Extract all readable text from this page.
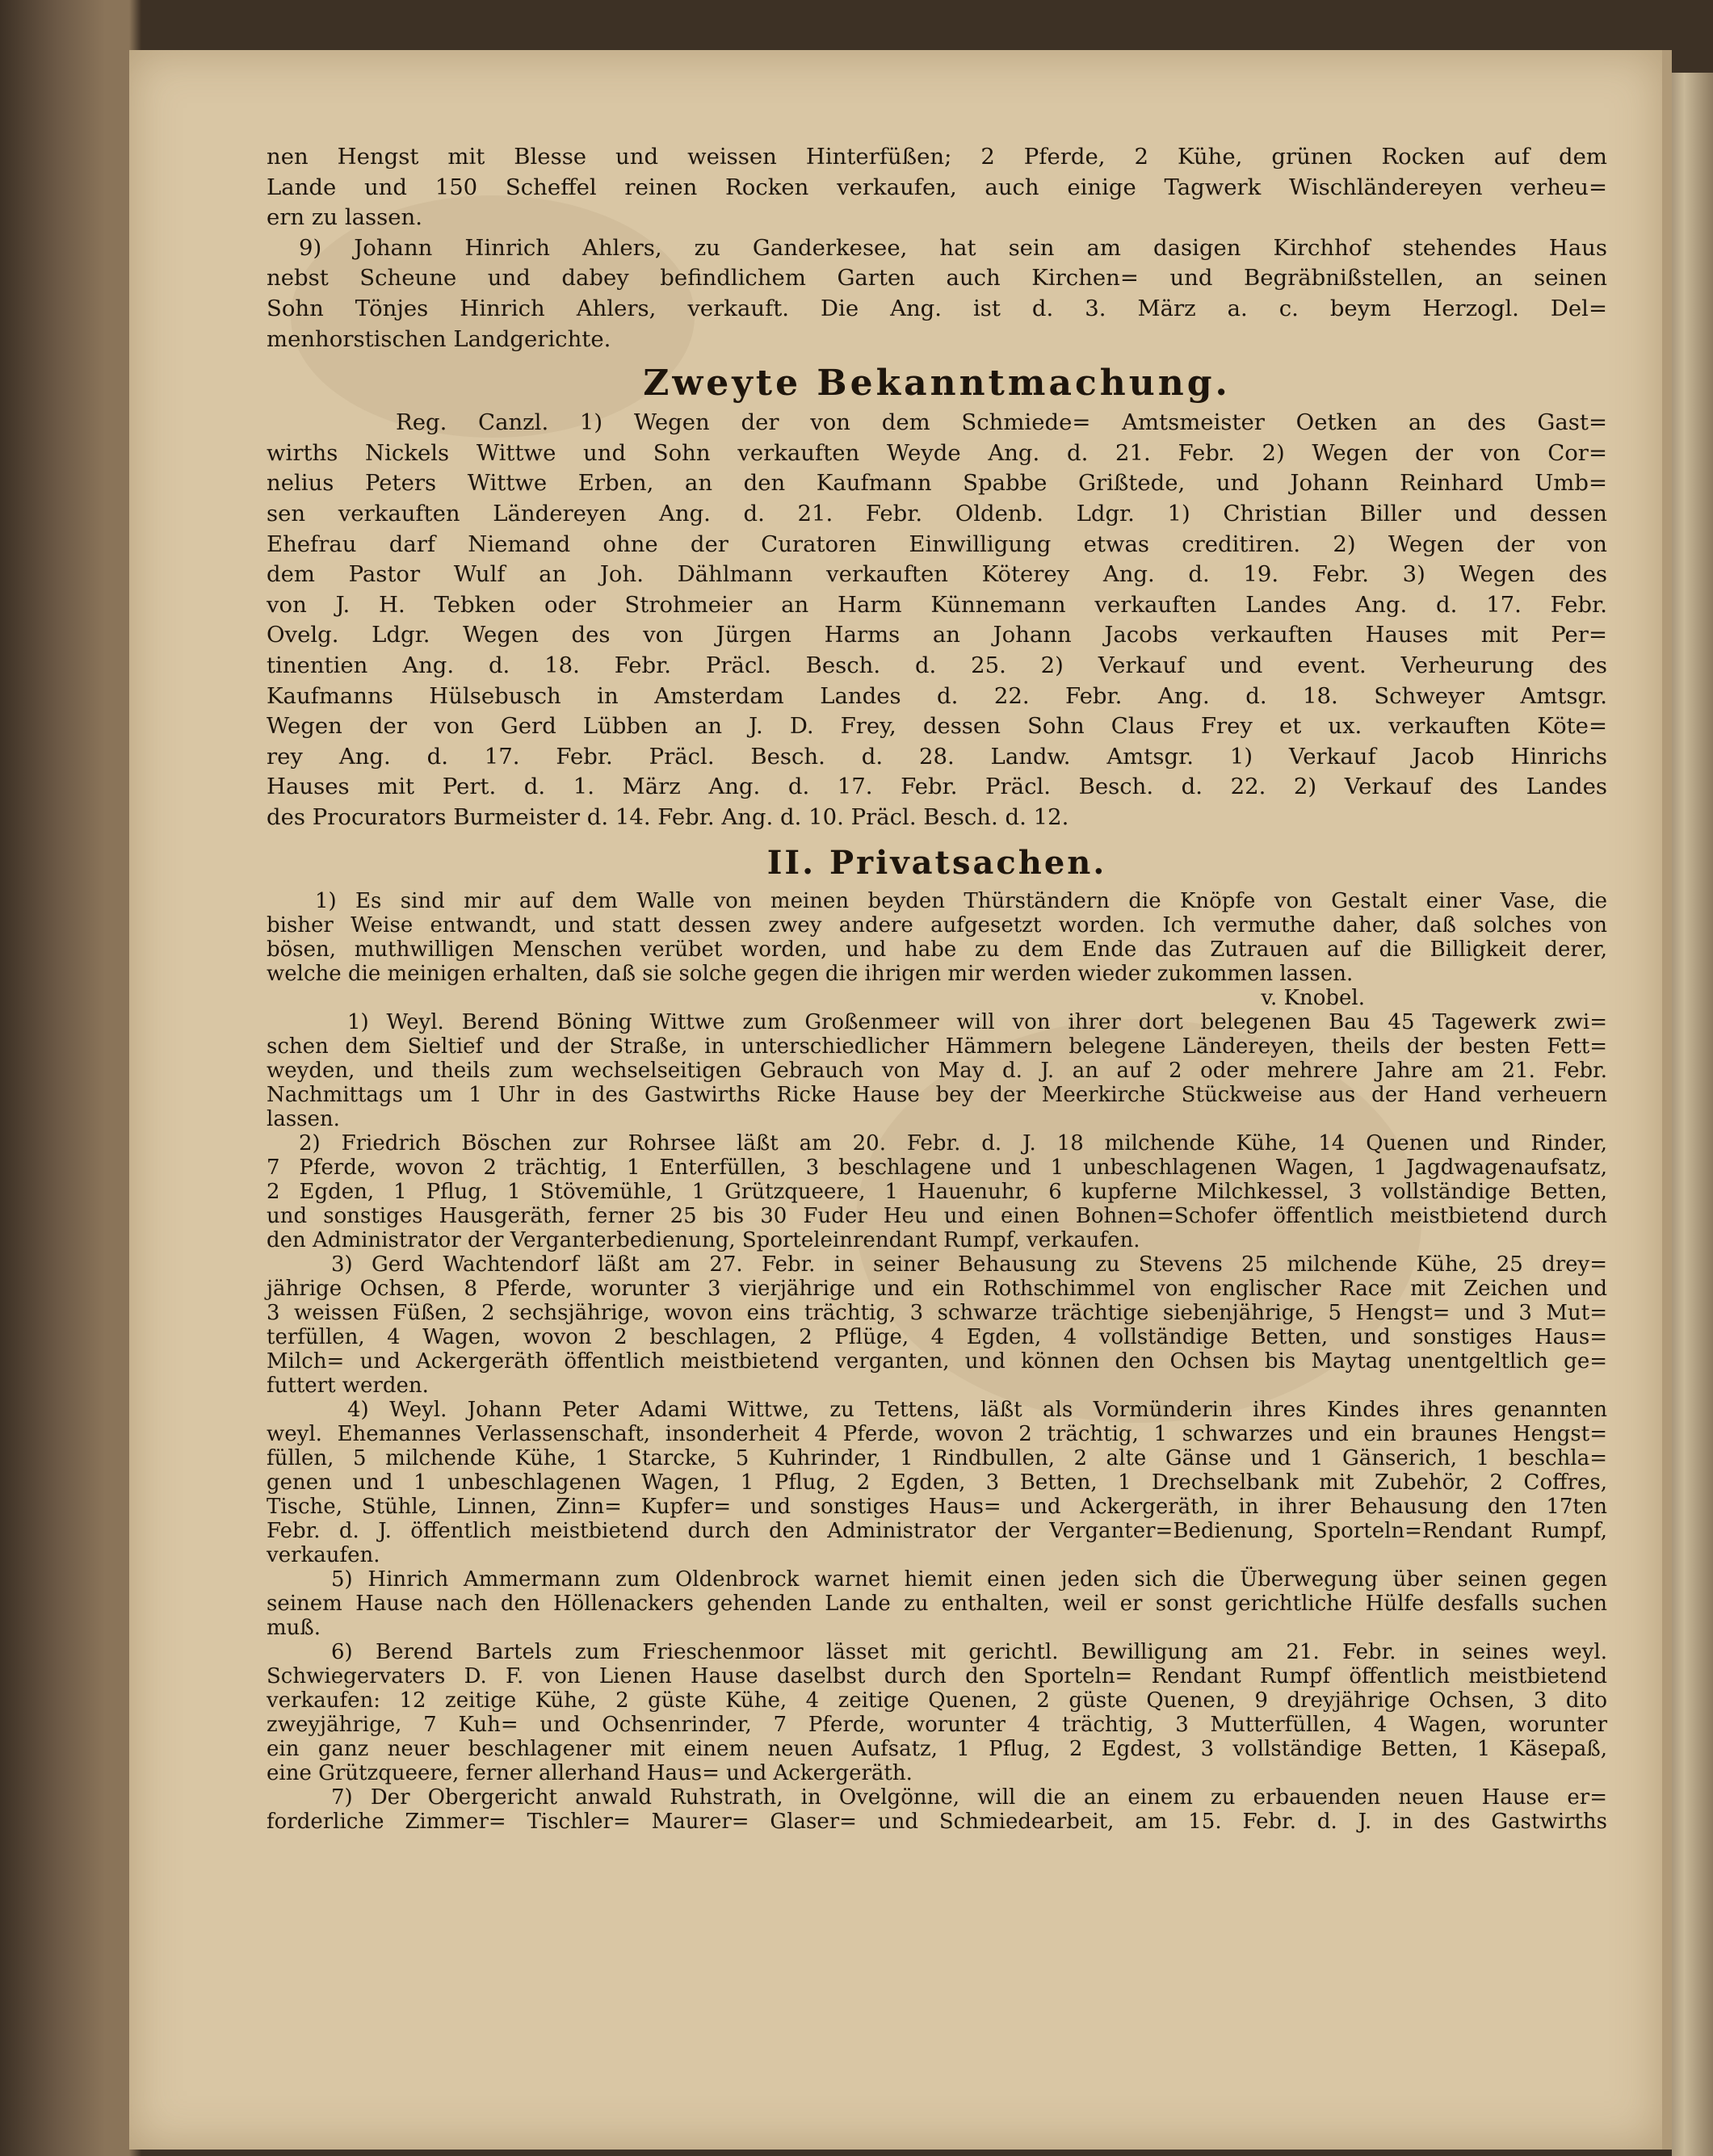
nen Hengst mit Blesse und weissen Hinterfüßen; 2 Pferde, 2 Kühe, grünen Rocken auf dem
Lande und 150 Scheffel reinen Rocken verkaufen, auch einige Tagwerk Wischländereyen verheu=
ern zu lassen.
9) Johann Hinrich Ahlers, zu Ganderkesee, hat sein am dasigen Kirchhof stehendes Haus
nebst Scheune und dabey befindlichem Garten auch Kirchen= und Begräbnißstellen, an seinen
Sohn Tönjes Hinrich Ahlers, verkauft. Die Ang. ist d. 3. März a. c. beym Herzogl. Del=
menhorstischen Landgerichte.
Zweyte Bekanntmachung.
Reg. Canzl. 1) Wegen der von dem Schmiede= Amtsmeister Oetken an des Gast=
wirths Nickels Wittwe und Sohn verkauften Weyde Ang. d. 21. Febr. 2) Wegen der von Cor=
nelius Peters Wittwe Erben, an den Kaufmann Spabbe Grißtede, und Johann Reinhard Umb=
sen verkauften Ländereyen Ang. d. 21. Febr. Oldenb. Ldgr. 1) Christian Biller und dessen
Ehefrau darf Niemand ohne der Curatoren Einwilligung etwas creditiren. 2) Wegen der von
dem Pastor Wulf an Joh. Dählmann verkauften Köterey Ang. d. 19. Febr. 3) Wegen des
von J. H. Tebken oder Strohmeier an Harm Künnemann verkauften Landes Ang. d. 17. Febr.
Ovelg. Ldgr. Wegen des von Jürgen Harms an Johann Jacobs verkauften Hauses mit Per=
tinentien Ang. d. 18. Febr. Präcl. Besch. d. 25. 2) Verkauf und event. Verheurung des
Kaufmanns Hülsebusch in Amsterdam Landes d. 22. Febr. Ang. d. 18. Schweyer Amtsgr.
Wegen der von Gerd Lübben an J. D. Frey, dessen Sohn Claus Frey et ux. verkauften Köte=
rey Ang. d. 17. Febr. Präcl. Besch. d. 28. Landw. Amtsgr. 1) Verkauf Jacob Hinrichs
Hauses mit Pert. d. 1. März Ang. d. 17. Febr. Präcl. Besch. d. 22. 2) Verkauf des Landes
des Procurators Burmeister d. 14. Febr. Ang. d. 10. Präcl. Besch. d. 12.
II. Privatsachen.
1) Es sind mir auf dem Walle von meinen beyden Thürständern die Knöpfe von Gestalt einer Vase, die
bisher Weise entwandt, und statt dessen zwey andere aufgesetzt worden. Ich vermuthe daher, daß solches von
bösen, muthwilligen Menschen verübet worden, und habe zu dem Ende das Zutrauen auf die Billigkeit derer,
welche die meinigen erhalten, daß sie solche gegen die ihrigen mir werden wieder zukommen lassen.
v. Knobel.
1) Weyl. Berend Böning Wittwe zum Großenmeer will von ihrer dort belegenen Bau 45 Tagewerk zwi=
schen dem Sieltief und der Straße, in unterschiedlicher Hämmern belegene Ländereyen, theils der besten Fett=
weyden, und theils zum wechselseitigen Gebrauch von May d. J. an auf 2 oder mehrere Jahre am 21. Febr.
Nachmittags um 1 Uhr in des Gastwirths Ricke Hause bey der Meerkirche Stückweise aus der Hand verheuern
lassen.
2) Friedrich Böschen zur Rohrsee läßt am 20. Febr. d. J. 18 milchende Kühe, 14 Quenen und Rinder,
7 Pferde, wovon 2 trächtig, 1 Enterfüllen, 3 beschlagene und 1 unbeschlagenen Wagen, 1 Jagdwagenaufsatz,
2 Egden, 1 Pflug, 1 Stövemühle, 1 Grützqueere, 1 Hauenuhr, 6 kupferne Milchkessel, 3 vollständige Betten,
und sonstiges Hausgeräth, ferner 25 bis 30 Fuder Heu und einen Bohnen=Schofer öffentlich meistbietend durch
den Administrator der Verganterbedienung, Sporteleinrendant Rumpf, verkaufen.
3) Gerd Wachtendorf läßt am 27. Febr. in seiner Behausung zu Stevens 25 milchende Kühe, 25 drey=
jährige Ochsen, 8 Pferde, worunter 3 vierjährige und ein Rothschimmel von englischer Race mit Zeichen und
3 weissen Füßen, 2 sechsjährige, wovon eins trächtig, 3 schwarze trächtige siebenjährige, 5 Hengst= und 3 Mut=
terfüllen, 4 Wagen, wovon 2 beschlagen, 2 Pflüge, 4 Egden, 4 vollständige Betten, und sonstiges Haus=
Milch= und Ackergeräth öffentlich meistbietend verganten, und können den Ochsen bis Maytag unentgeltlich ge=
futtert werden.
4) Weyl. Johann Peter Adami Wittwe, zu Tettens, läßt als Vormünderin ihres Kindes ihres genannten
weyl. Ehemannes Verlassenschaft, insonderheit 4 Pferde, wovon 2 trächtig, 1 schwarzes und ein braunes Hengst=
füllen, 5 milchende Kühe, 1 Starcke, 5 Kuhrinder, 1 Rindbullen, 2 alte Gänse und 1 Gänserich, 1 beschla=
genen und 1 unbeschlagenen Wagen, 1 Pflug, 2 Egden, 3 Betten, 1 Drechselbank mit Zubehör, 2 Coffres,
Tische, Stühle, Linnen, Zinn= Kupfer= und sonstiges Haus= und Ackergeräth, in ihrer Behausung den 17ten
Febr. d. J. öffentlich meistbietend durch den Administrator der Verganter=Bedienung, Sporteln=Rendant Rumpf,
verkaufen.
5) Hinrich Ammermann zum Oldenbrock warnet hiemit einen jeden sich die Überwegung über seinen gegen
seinem Hause nach den Höllenackers gehenden Lande zu enthalten, weil er sonst gerichtliche Hülfe desfalls suchen
muß.
6) Berend Bartels zum Frieschenmoor lässet mit gerichtl. Bewilligung am 21. Febr. in seines weyl.
Schwiegervaters D. F. von Lienen Hause daselbst durch den Sporteln= Rendant Rumpf öffentlich meistbietend
verkaufen: 12 zeitige Kühe, 2 güste Kühe, 4 zeitige Quenen, 2 güste Quenen, 9 dreyjährige Ochsen, 3 dito
zweyjährige, 7 Kuh= und Ochsenrinder, 7 Pferde, worunter 4 trächtig, 3 Mutterfüllen, 4 Wagen, worunter
ein ganz neuer beschlagener mit einem neuen Aufsatz, 1 Pflug, 2 Egdest, 3 vollständige Betten, 1 Käsepaß,
eine Grützqueere, ferner allerhand Haus= und Ackergeräth.
7) Der Obergericht anwald Ruhstrath, in Ovelgönne, will die an einem zu erbauenden neuen Hause er=
forderliche Zimmer= Tischler= Maurer= Glaser= und Schmiedearbeit, am 15. Febr. d. J. in des Gastwirths
